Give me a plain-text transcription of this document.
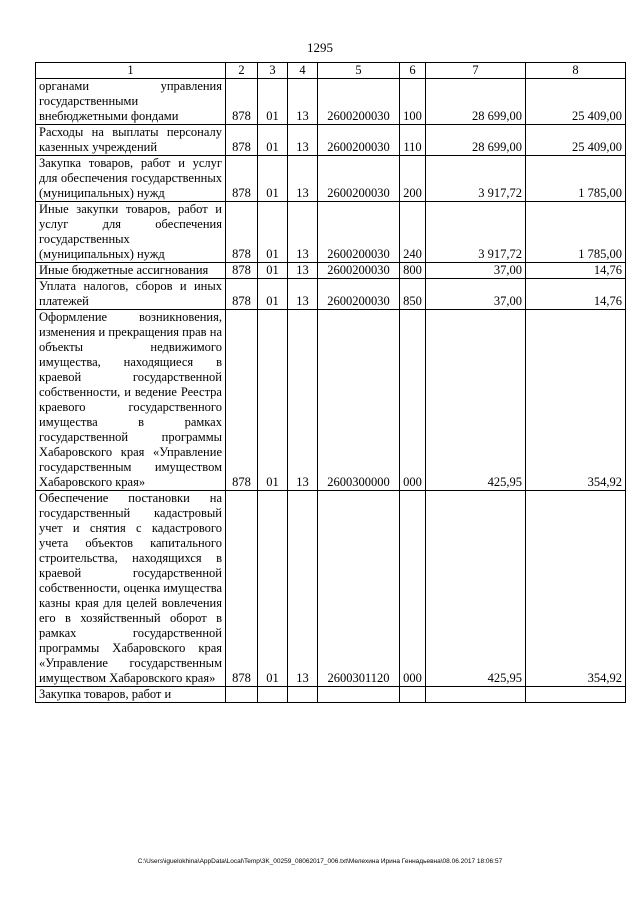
1295
1	2	3	4	5	6	7	8
органами управления государственными внебюджетными фондами	878	01	13	2600200030	100	28 699,00	25 409,00
Расходы на выплаты персоналу казенных учреждений	878	01	13	2600200030	110	28 699,00	25 409,00
Закупка товаров, работ и услуг для обеспечения государственных (муниципальных) нужд	878	01	13	2600200030	200	3 917,72	1 785,00
Иные закупки товаров, работ и услуг для обеспечения государственных (муниципальных) нужд	878	01	13	2600200030	240	3 917,72	1 785,00
Иные бюджетные ассигнования	878	01	13	2600200030	800	37,00	14,76
Уплата налогов, сборов и иных платежей	878	01	13	2600200030	850	37,00	14,76
Оформление возникновения, изменения и прекращения прав на объекты недвижимого имущества, находящиеся в краевой государственной собственности, и ведение Реестра краевого государственного имущества в рамках государственной программы Хабаровского края «Управление государственным имуществом Хабаровского края»	878	01	13	2600300000	000	425,95	354,92
Обеспечение постановки на государственный кадастровый учет и снятия с кадастрового учета объектов капитального строительства, находящихся в краевой государственной собственности, оценка имущества казны края для целей вовлечения его в хозяйственный оборот в рамках государственной программы Хабаровского края «Управление государственным имуществом Хабаровского края»	878	01	13	2600301120	000	425,95	354,92
Закупка товаров, работ и							
C:\Users\iguelokhina\AppData\Local\Temp\3K_00259_08062017_006.txt\Мелехина Ирина Геннадьевна\08.06.2017 18:06:57
